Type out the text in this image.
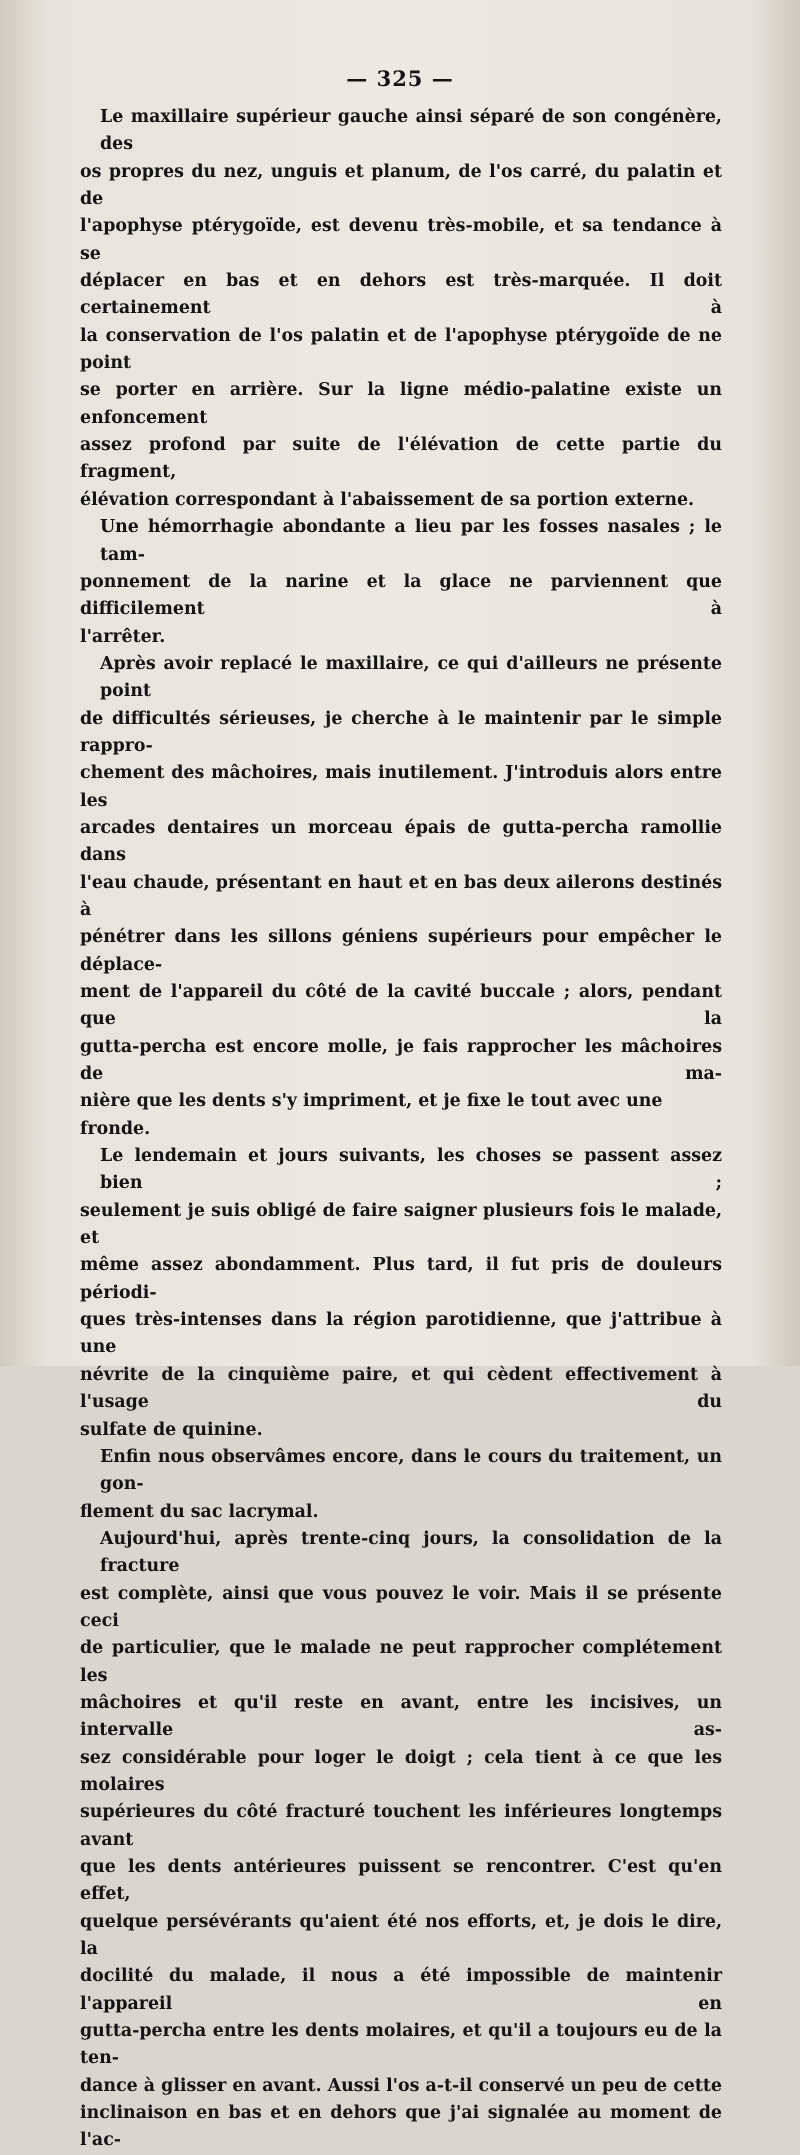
— 325 —

Le maxillaire supérieur gauche ainsi séparé de son congénère, des
os propres du nez, unguis et planum, de l'os carré, du palatin et de
l'apophyse ptérygoïde, est devenu très-mobile, et sa tendance à se
déplacer en bas et en dehors est très-marquée. Il doit certainement à
la conservation de l'os palatin et de l'apophyse ptérygoïde de ne point
se porter en arrière. Sur la ligne médio-palatine existe un enfoncement
assez profond par suite de l'élévation de cette partie du fragment,
élévation correspondant à l'abaissement de sa portion externe.

Une hémorrhagie abondante a lieu par les fosses nasales ; le tam-
ponnement de la narine et la glace ne parviennent que difficilement à
l'arrêter.

Après avoir replacé le maxillaire, ce qui d'ailleurs ne présente point
de difficultés sérieuses, je cherche à le maintenir par le simple rappro-
chement des mâchoires, mais inutilement. J'introduis alors entre les
arcades dentaires un morceau épais de gutta-percha ramollie dans
l'eau chaude, présentant en haut et en bas deux ailerons destinés à
pénétrer dans les sillons géniens supérieurs pour empêcher le déplace-
ment de l'appareil du côté de la cavité buccale ; alors, pendant que la
gutta-percha est encore molle, je fais rapprocher les mâchoires de ma-
nière que les dents s'y impriment, et je fixe le tout avec une fronde.

Le lendemain et jours suivants, les choses se passent assez bien ;
seulement je suis obligé de faire saigner plusieurs fois le malade, et
même assez abondamment. Plus tard, il fut pris de douleurs périodi-
ques très-intenses dans la région parotidienne, que j'attribue à une
névrite de la cinquième paire, et qui cèdent effectivement à l'usage du
sulfate de quinine.

Enfin nous observâmes encore, dans le cours du traitement, un gon-
flement du sac lacrymal.

Aujourd'hui, après trente-cinq jours, la consolidation de la fracture
est complète, ainsi que vous pouvez le voir. Mais il se présente ceci
de particulier, que le malade ne peut rapprocher complétement les
mâchoires et qu'il reste en avant, entre les incisives, un intervalle as-
sez considérable pour loger le doigt ; cela tient à ce que les molaires
supérieures du côté fracturé touchent les inférieures longtemps avant
que les dents antérieures puissent se rencontrer. C'est qu'en effet,
quelque persévérants qu'aient été nos efforts, et, je dois le dire, la
docilité du malade, il nous a été impossible de maintenir l'appareil en
gutta-percha entre les dents molaires, et qu'il a toujours eu de la ten-
dance à glisser en avant. Aussi l'os a-t-il conservé un peu de cette
inclinaison en bas et en dehors que j'ai signalée au moment de l'ac-
